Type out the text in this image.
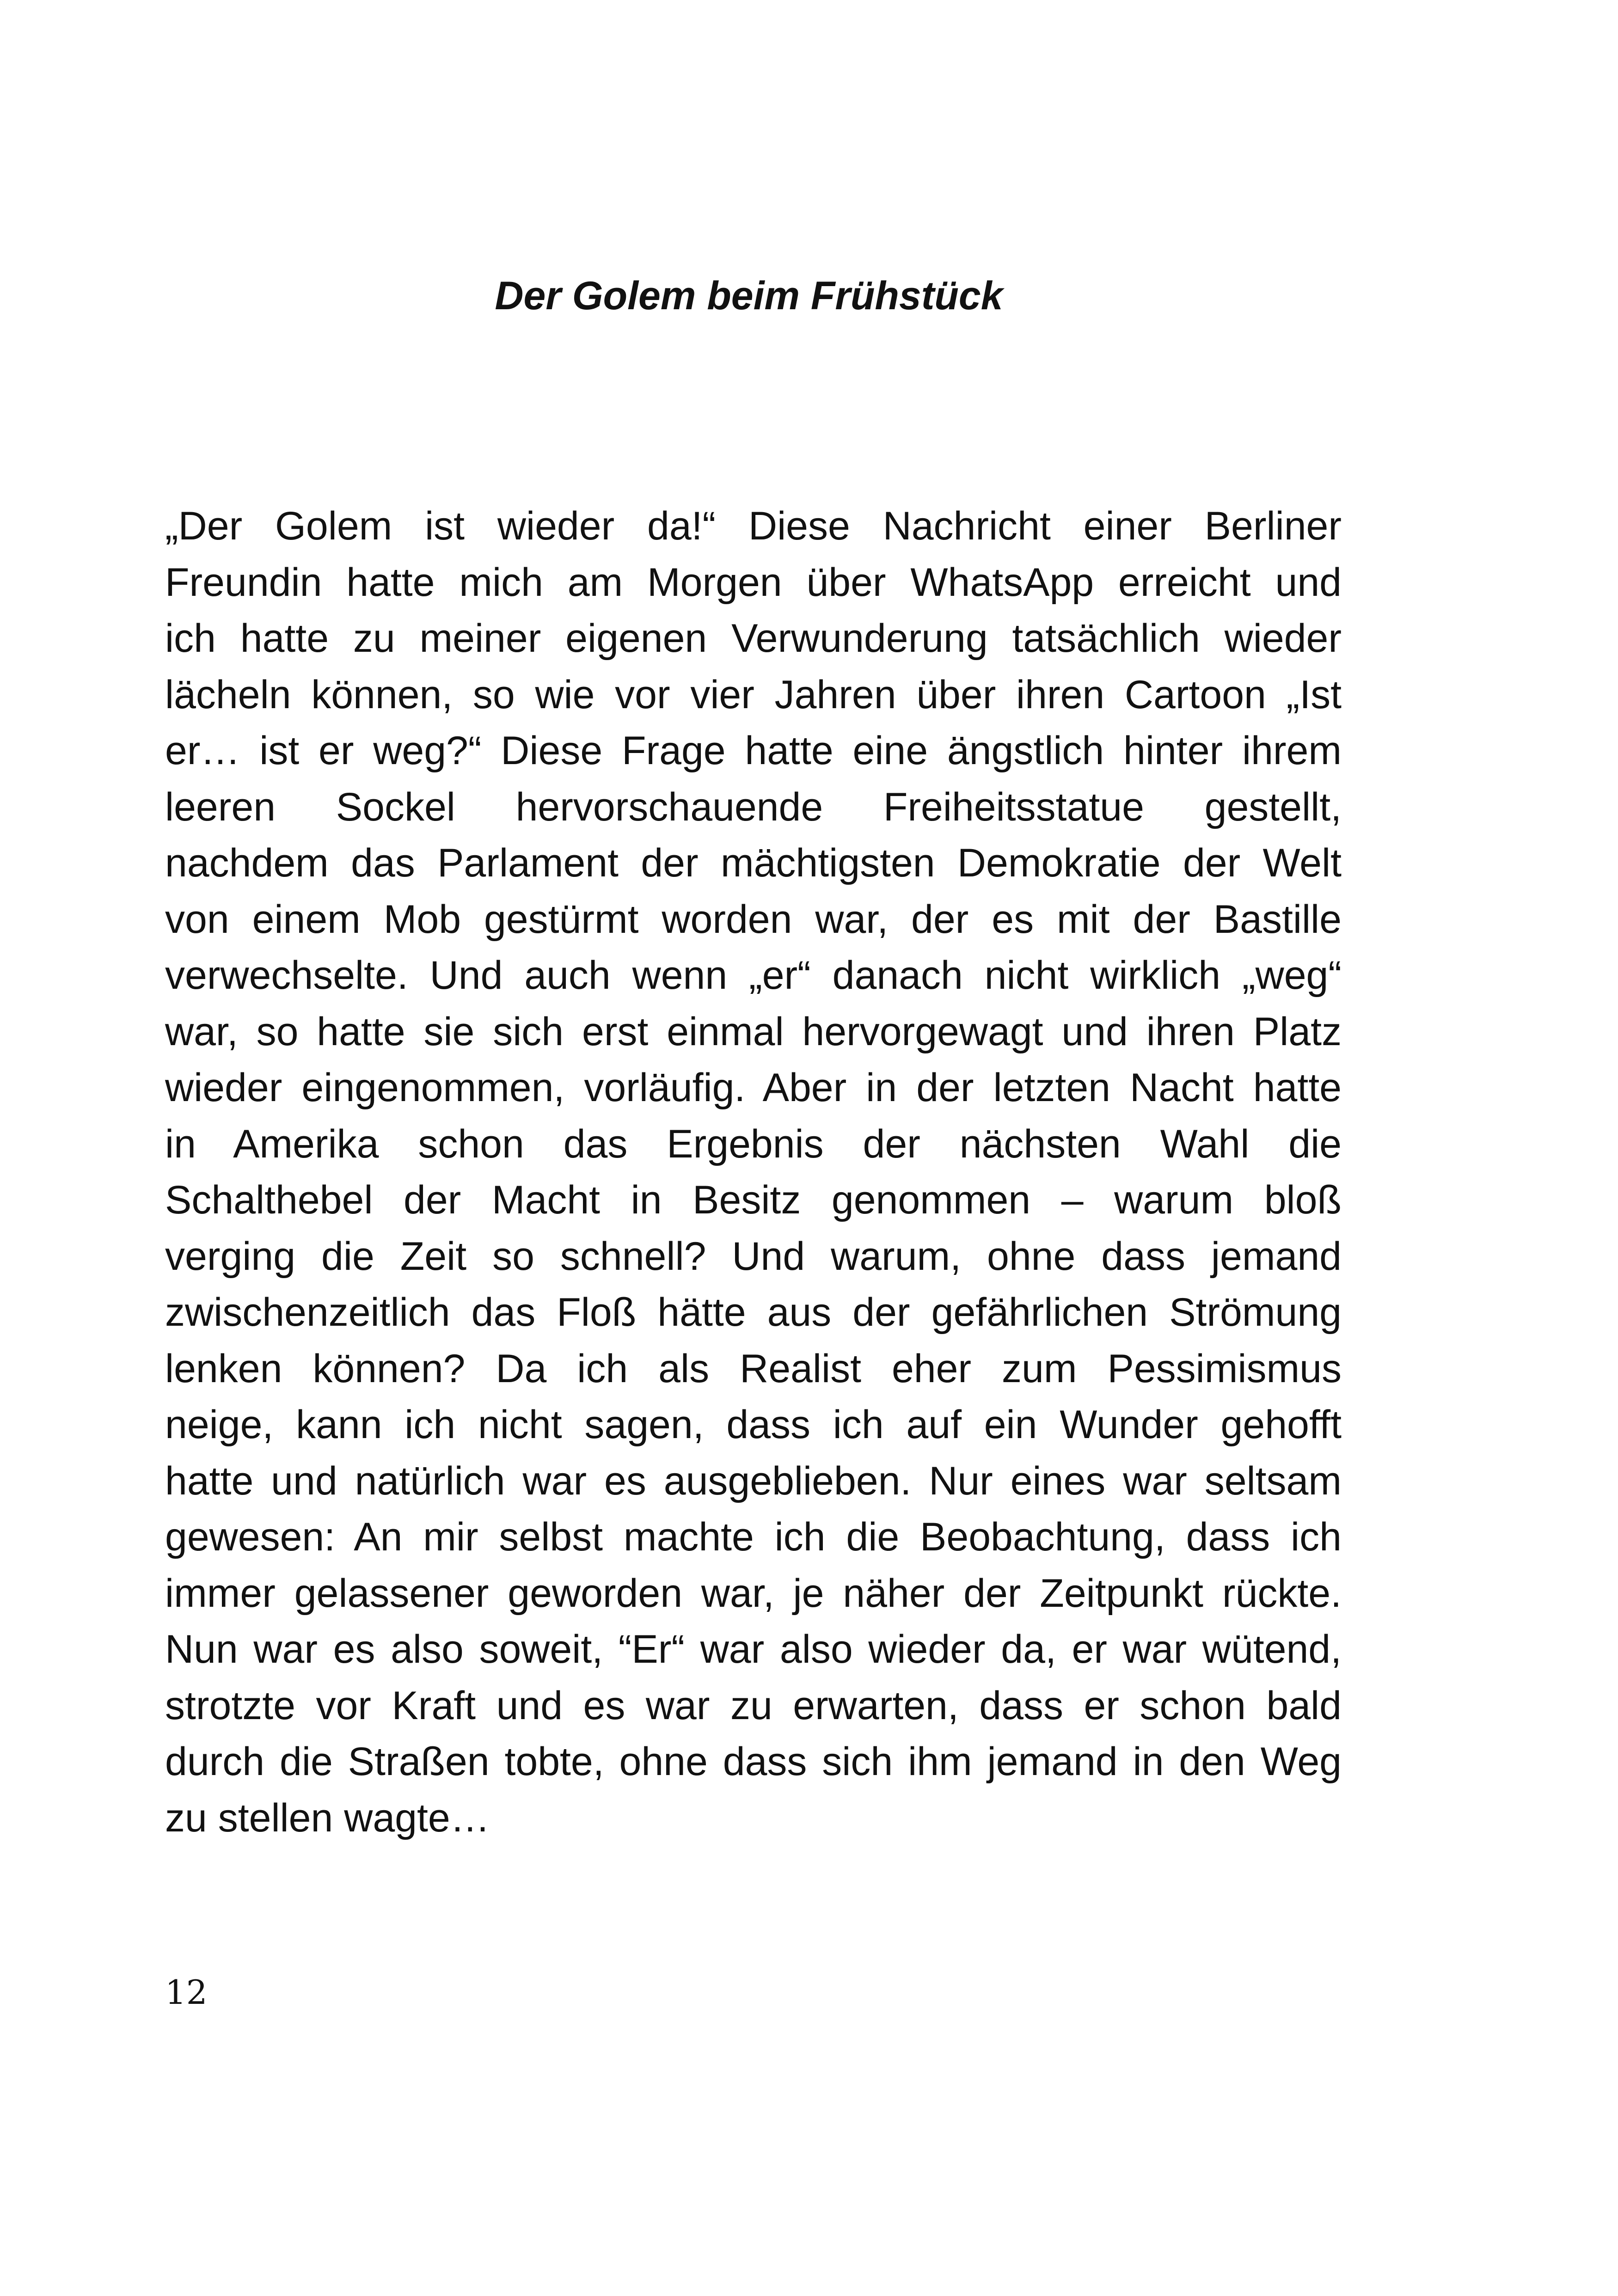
Der Golem beim Frühstück
„Der Golem ist wieder da!“ Diese Nachricht einer Berliner
Freundin hatte mich am Morgen über WhatsApp erreicht und
ich hatte zu meiner eigenen Verwunderung tatsächlich wieder
lächeln können, so wie vor vier Jahren über ihren Cartoon „Ist
er… ist er weg?“ Diese Frage hatte eine ängstlich hinter ihrem
leeren Sockel hervorschauende Freiheitsstatue gestellt,
nachdem das Parlament der mächtigsten Demokratie der Welt
von einem Mob gestürmt worden war, der es mit der Bastille
verwechselte. Und auch wenn „er“ danach nicht wirklich „weg“
war, so hatte sie sich erst einmal hervorgewagt und ihren Platz
wieder eingenommen, vorläufig. Aber in der letzten Nacht hatte
in Amerika schon das Ergebnis der nächsten Wahl die
Schalthebel der Macht in Besitz genommen – warum bloß
verging die Zeit so schnell? Und warum, ohne dass jemand
zwischenzeitlich das Floß hätte aus der gefährlichen Strömung
lenken können? Da ich als Realist eher zum Pessimismus
neige, kann ich nicht sagen, dass ich auf ein Wunder gehofft
hatte und natürlich war es ausgeblieben. Nur eines war seltsam
gewesen: An mir selbst machte ich die Beobachtung, dass ich
immer gelassener geworden war, je näher der Zeitpunkt rückte.
Nun war es also soweit, “Er“ war also wieder da, er war wütend,
strotzte vor Kraft und es war zu erwarten, dass er schon bald
durch die Straßen tobte, ohne dass sich ihm jemand in den Weg
zu stellen wagte…
12
